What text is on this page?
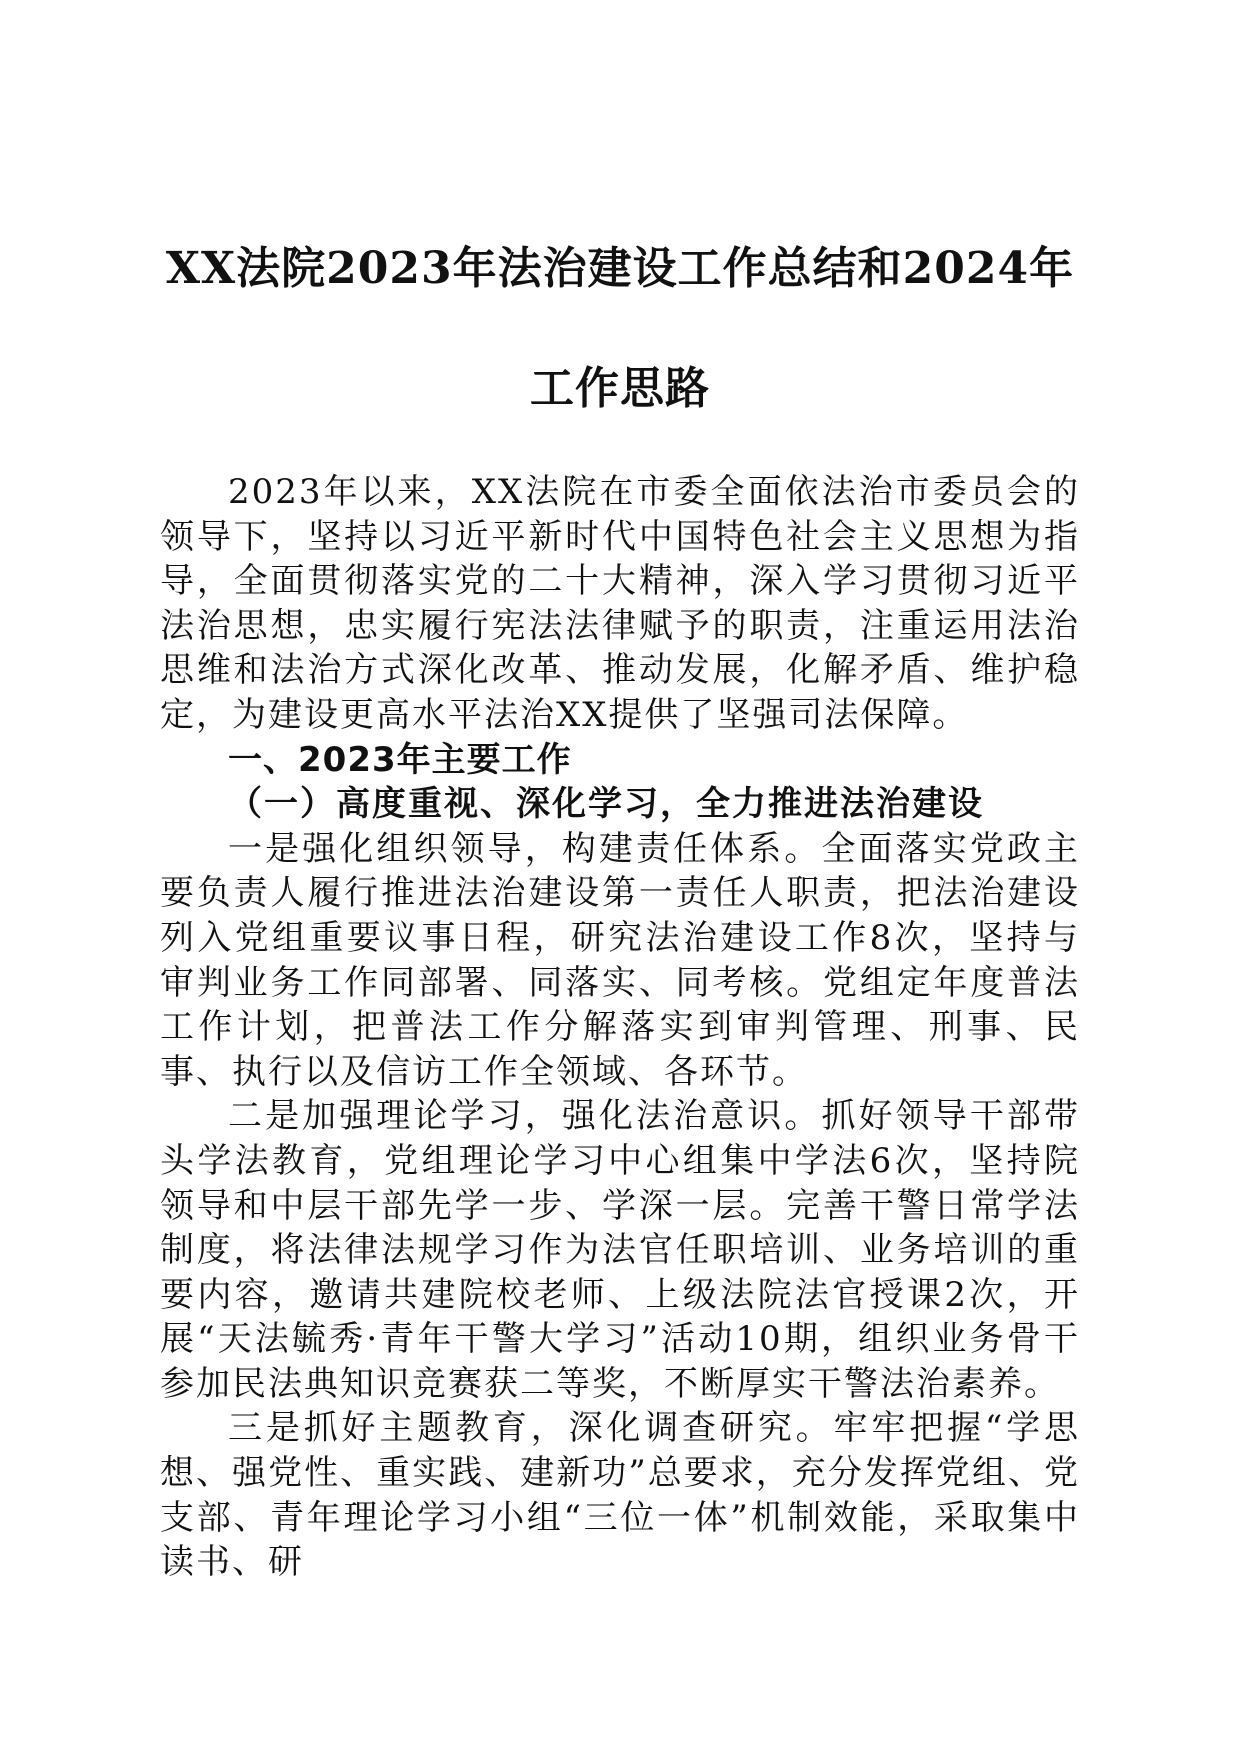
XX法院2023年法治建设工作总结和2024年
工作思路

2023年以来，XX法院在市委全面依法治市委员会的领导下，坚持以习近平新时代中国特色社会主义思想为指导，全面贯彻落实党的二十大精神，深入学习贯彻习近平法治思想，忠实履行宪法法律赋予的职责，注重运用法治思维和法治方式深化改革、推动发展，化解矛盾、维护稳定，为建设更高水平法治XX提供了坚强司法保障。

一、2023年主要工作

（一）高度重视、深化学习，全力推进法治建设

一是强化组织领导，构建责任体系。全面落实党政主要负责人履行推进法治建设第一责任人职责，把法治建设列入党组重要议事日程，研究法治建设工作8次，坚持与审判业务工作同部署、同落实、同考核。党组定年度普法工作计划，把普法工作分解落实到审判管理、刑事、民事、执行以及信访工作全领域、各环节。

二是加强理论学习，强化法治意识。抓好领导干部带头学法教育，党组理论学习中心组集中学法6次，坚持院领导和中层干部先学一步、学深一层。完善干警日常学法制度，将法律法规学习作为法官任职培训、业务培训的重要内容，邀请共建院校老师、上级法院法官授课2次，开展“天法毓秀·青年干警大学习”活动10期，组织业务骨干参加民法典知识竞赛获二等奖，不断厚实干警法治素养。

三是抓好主题教育，深化调查研究。牢牢把握“学思想、强党性、重实践、建新功”总要求，充分发挥党组、党支部、青年理论学习小组“三位一体”机制效能，采取集中读书、研
